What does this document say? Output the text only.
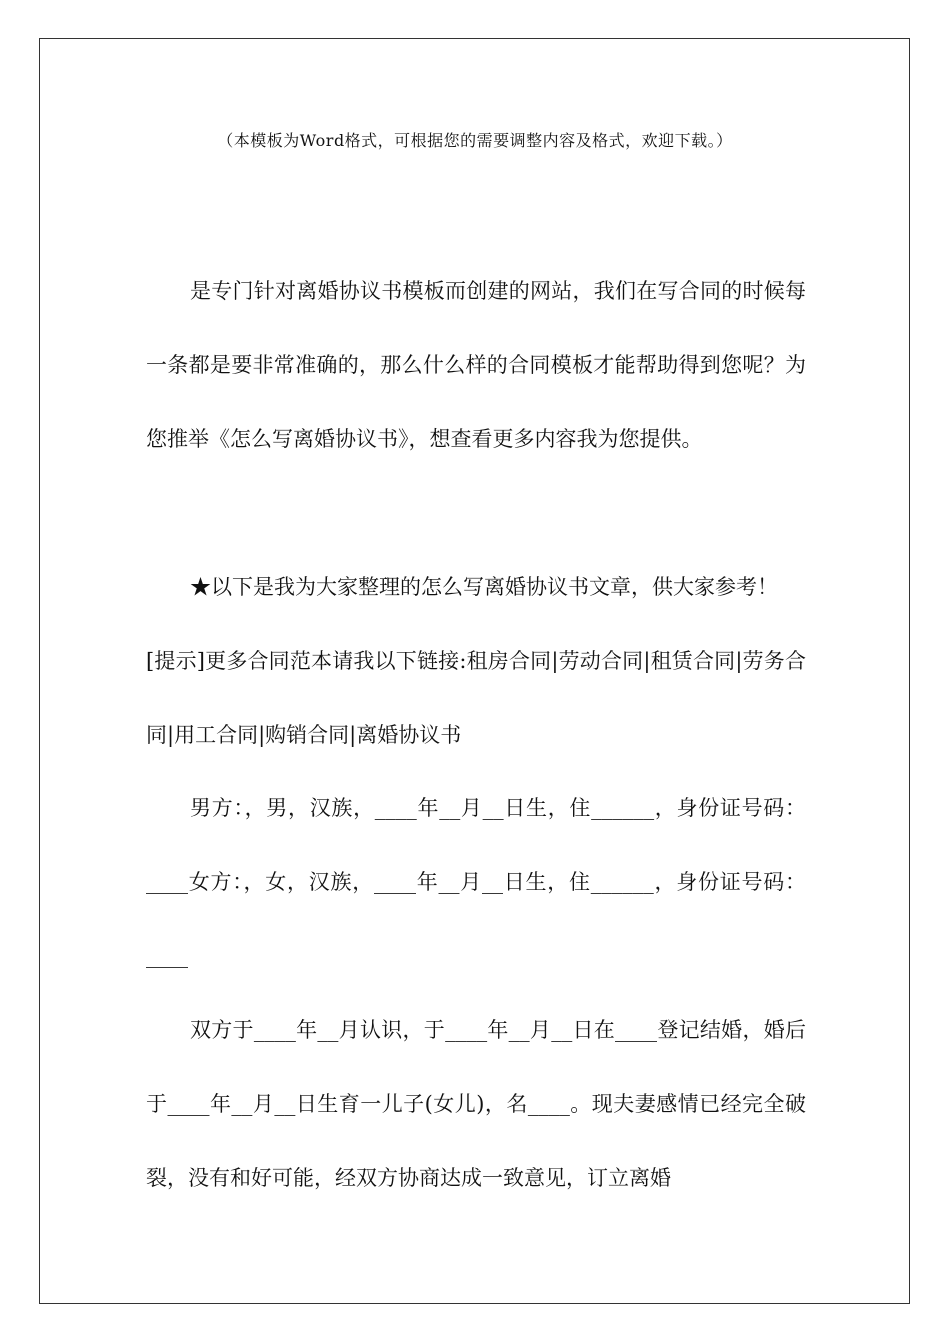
（本模板为Word格式，可根据您的需要调整内容及格式，欢迎下载。）

是专门针对离婚协议书模板而创建的网站，我们在写合同的时候每一条都是要非常准确的，那么什么样的合同模板才能帮助得到您呢？为您推举《怎么写离婚协议书》，想查看更多内容我为您提供。

★以下是我为大家整理的怎么写离婚协议书文章，供大家参考！

[提示]更多合同范本请我以下链接:租房合同|劳动合同|租赁合同|劳务合同|用工合同|购销合同|离婚协议书

男方：，男，汉族，____年__月__日生，住______，身份证号码：____女方：，女，汉族，____年__月__日生，住______，身份证号码：____

双方于____年__月认识，于____年__月__日在____登记结婚，婚后于____年__月__日生育一儿子(女儿)，名____。现夫妻感情已经完全破裂，没有和好可能，经双方协商达成一致意见，订立离婚
